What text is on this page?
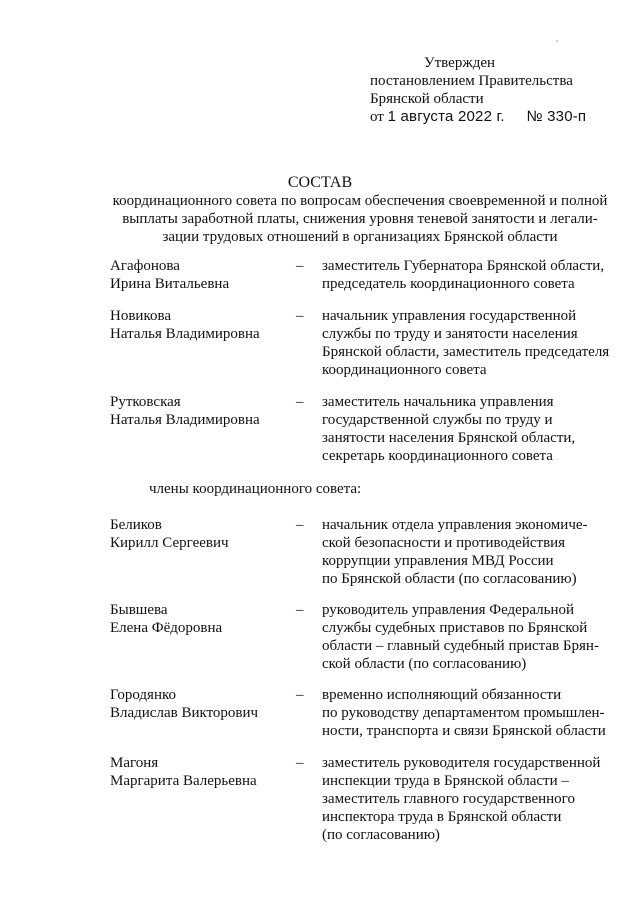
Утвержден
постановлением Правительства
Брянской области
от 1 августа 2022 г. № 330-п
СОСТАВ
координационного совета по вопросам обеспечения своевременной и полной
выплаты заработной платы, снижения уровня теневой занятости и легали-
зации трудовых отношений в организациях Брянской области
Агафонова
Ирина Витальевна
– заместитель Губернатора Брянской области,
председатель координационного совета
Новикова
Наталья Владимировна
– начальник управления государственной
службы по труду и занятости населения
Брянской области, заместитель председателя
координационного совета
Рутковская
Наталья Владимировна
– заместитель начальника управления
государственной службы по труду и
занятости населения Брянской области,
секретарь координационного совета
члены координационного совета:
Беликов
Кирилл Сергеевич
– начальник отдела управления экономиче-
ской безопасности и противодействия
коррупции управления МВД России
по Брянской области (по согласованию)
Бывшева
Елена Фёдоровна
– руководитель управления Федеральной
службы судебных приставов по Брянской
области – главный судебный пристав Брян-
ской области (по согласованию)
Городянко
Владислав Викторович
– временно исполняющий обязанности
по руководству департаментом промышлен-
ности, транспорта и связи Брянской области
Магоня
Маргарита Валерьевна
– заместитель руководителя государственной
инспекции труда в Брянской области –
заместитель главного государственного
инспектора труда в Брянской области
(по согласованию)
